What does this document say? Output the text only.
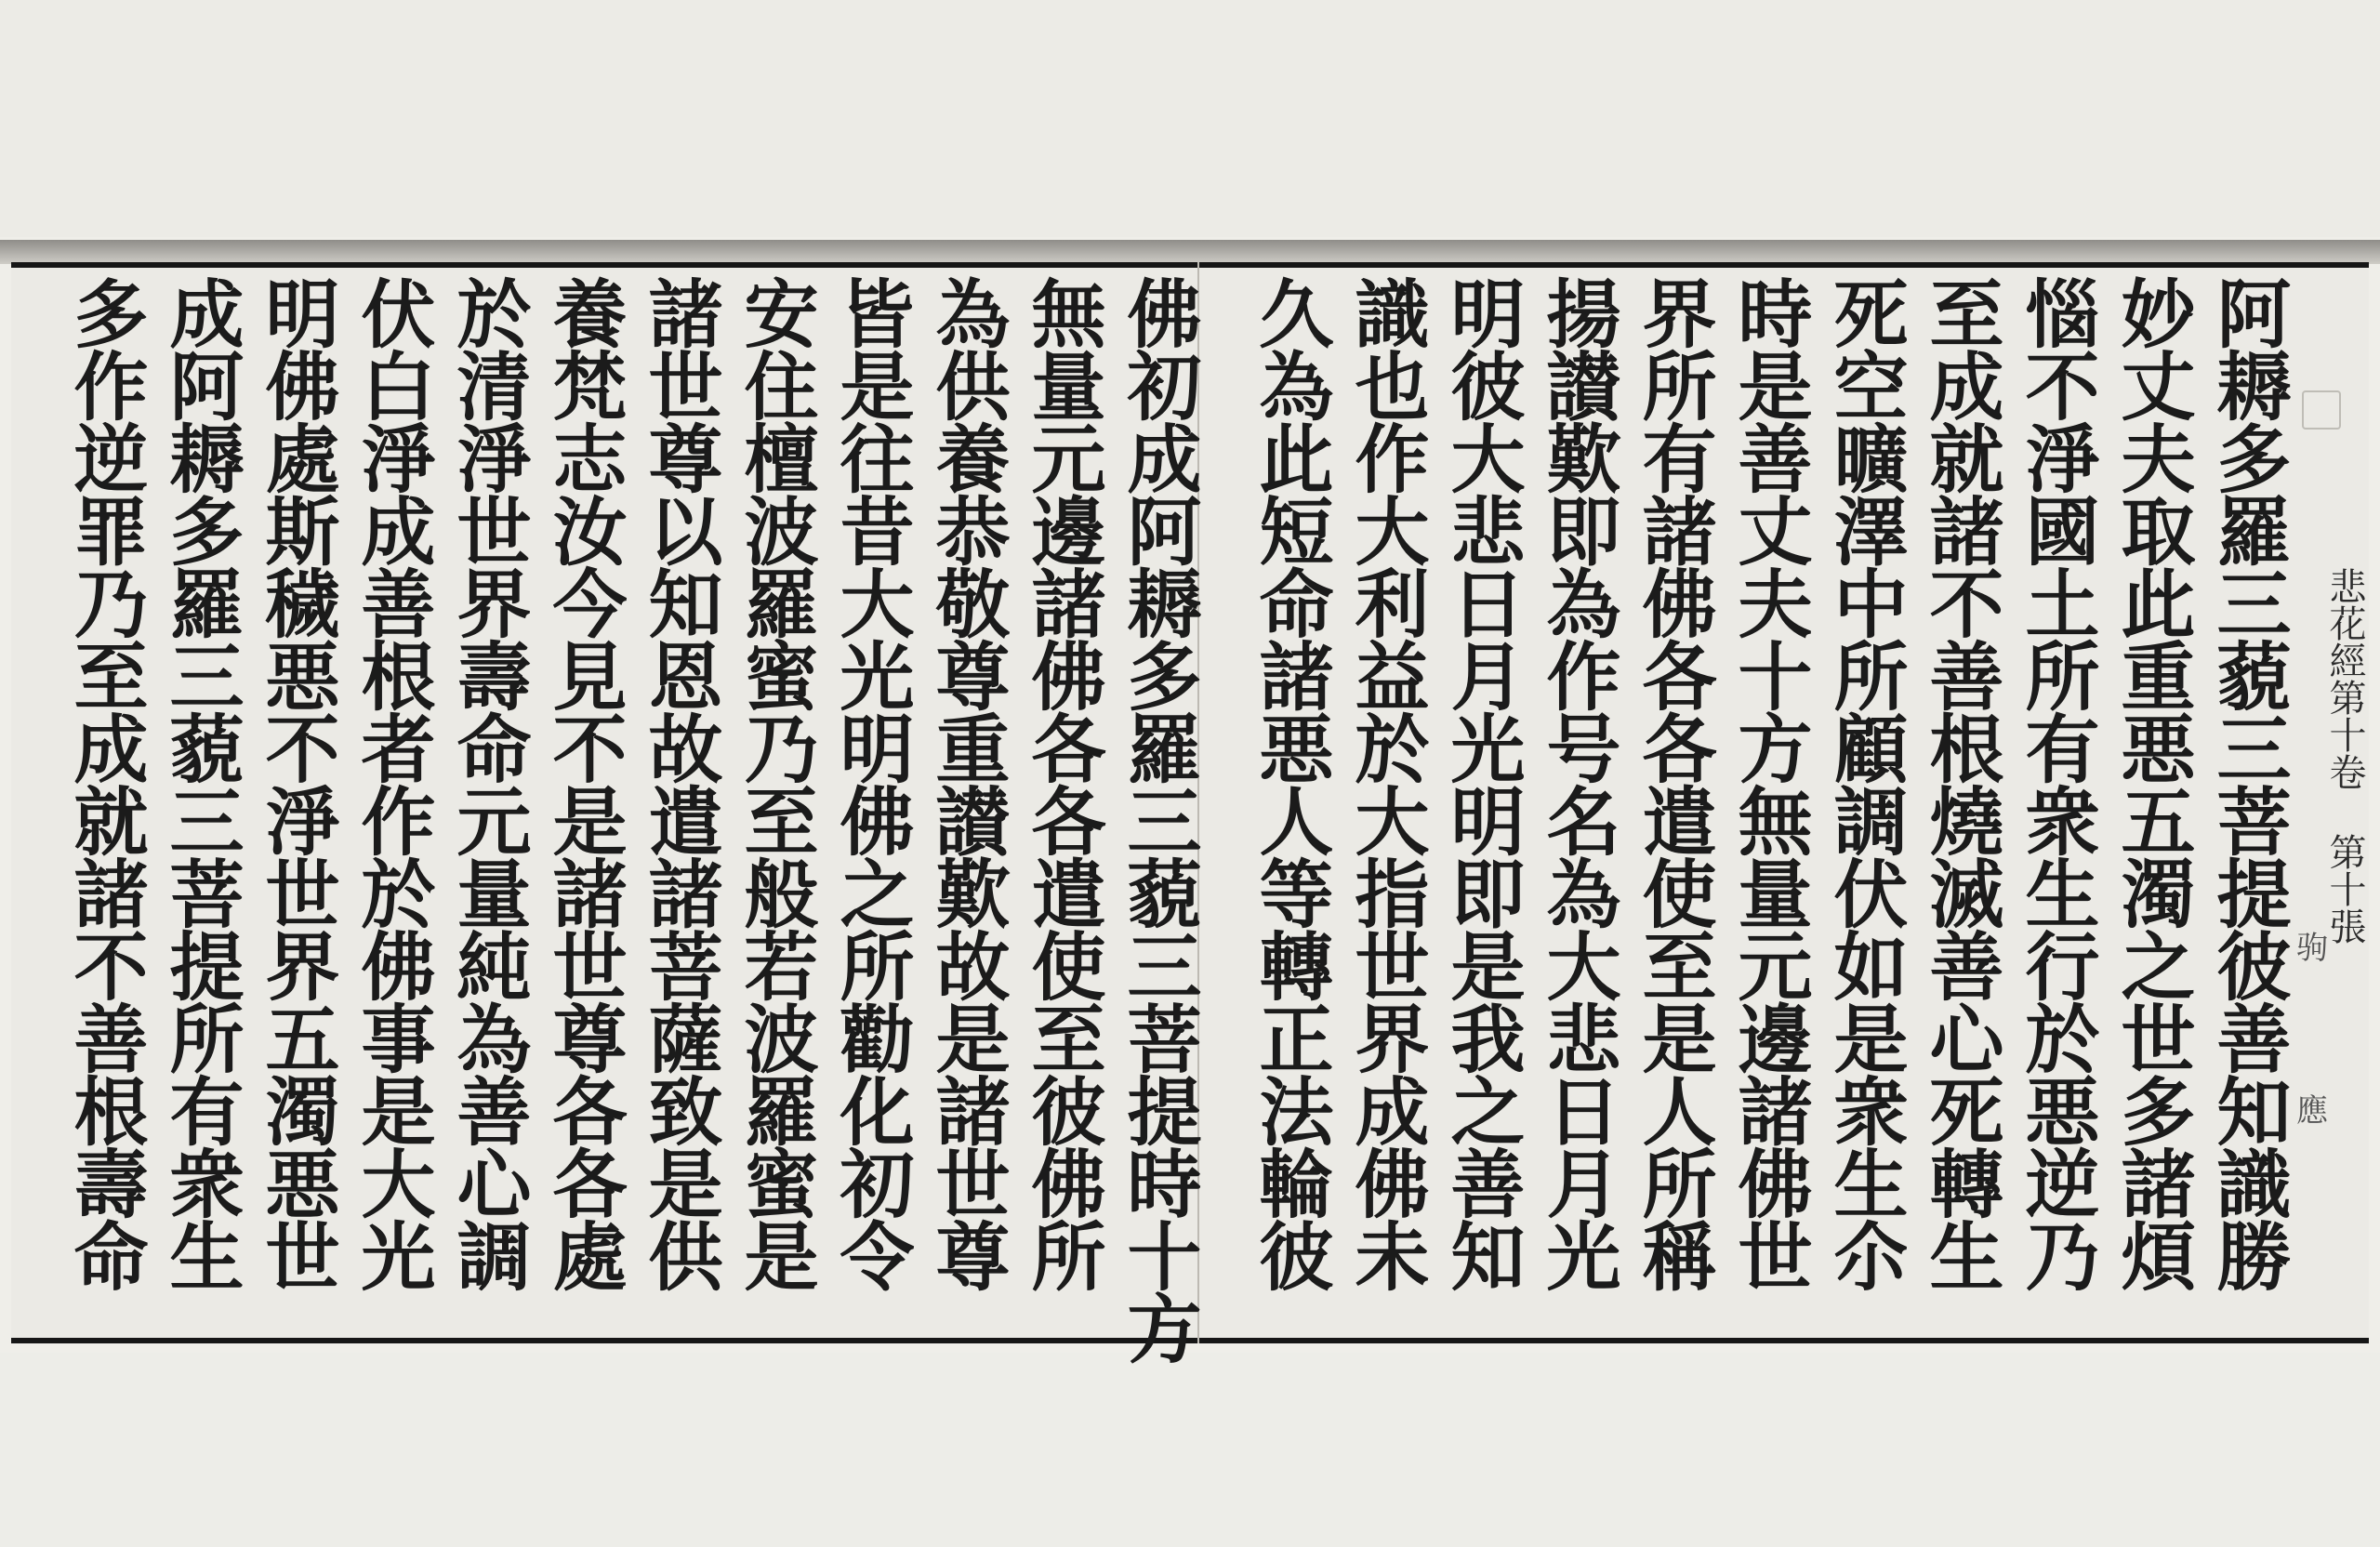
悲花經第十卷 第十張
驹
應
阿耨多羅三藐三菩提彼善知識勝
妙丈夫取此重悪五濁之世多諸煩
惱不淨國土所有衆生行於悪逆乃
至成就諸不善根燒滅善心死轉生
死空曠澤中所顧調伏如是衆生尒
時是善丈夫十方無量元邊諸佛世
界所有諸佛各各遣使至是人所稱
揚讃歎即為作号名為大悲日月光
明彼大悲日月光明即是我之善知
識也作大利益於大指世界成佛未
久為此短命諸悪人等轉正法輪彼
佛初成阿耨多羅三藐三菩提時十方
無量元邊諸佛各各遣使至彼佛所
為供養恭敬尊重讃歎故是諸世尊
皆是往昔大光明佛之所勸化初令
安住檀波羅蜜乃至般若波羅蜜是
諸世尊以知恩故遣諸菩薩致是供
養梵志汝今見不是諸世尊各各處
於清淨世界壽命元量純為善心調
伏白淨成善根者作於佛事是大光
明佛處斯穢悪不淨世界五濁悪世
成阿耨多羅三藐三菩提所有衆生
多作逆罪乃至成就諸不善根壽命
